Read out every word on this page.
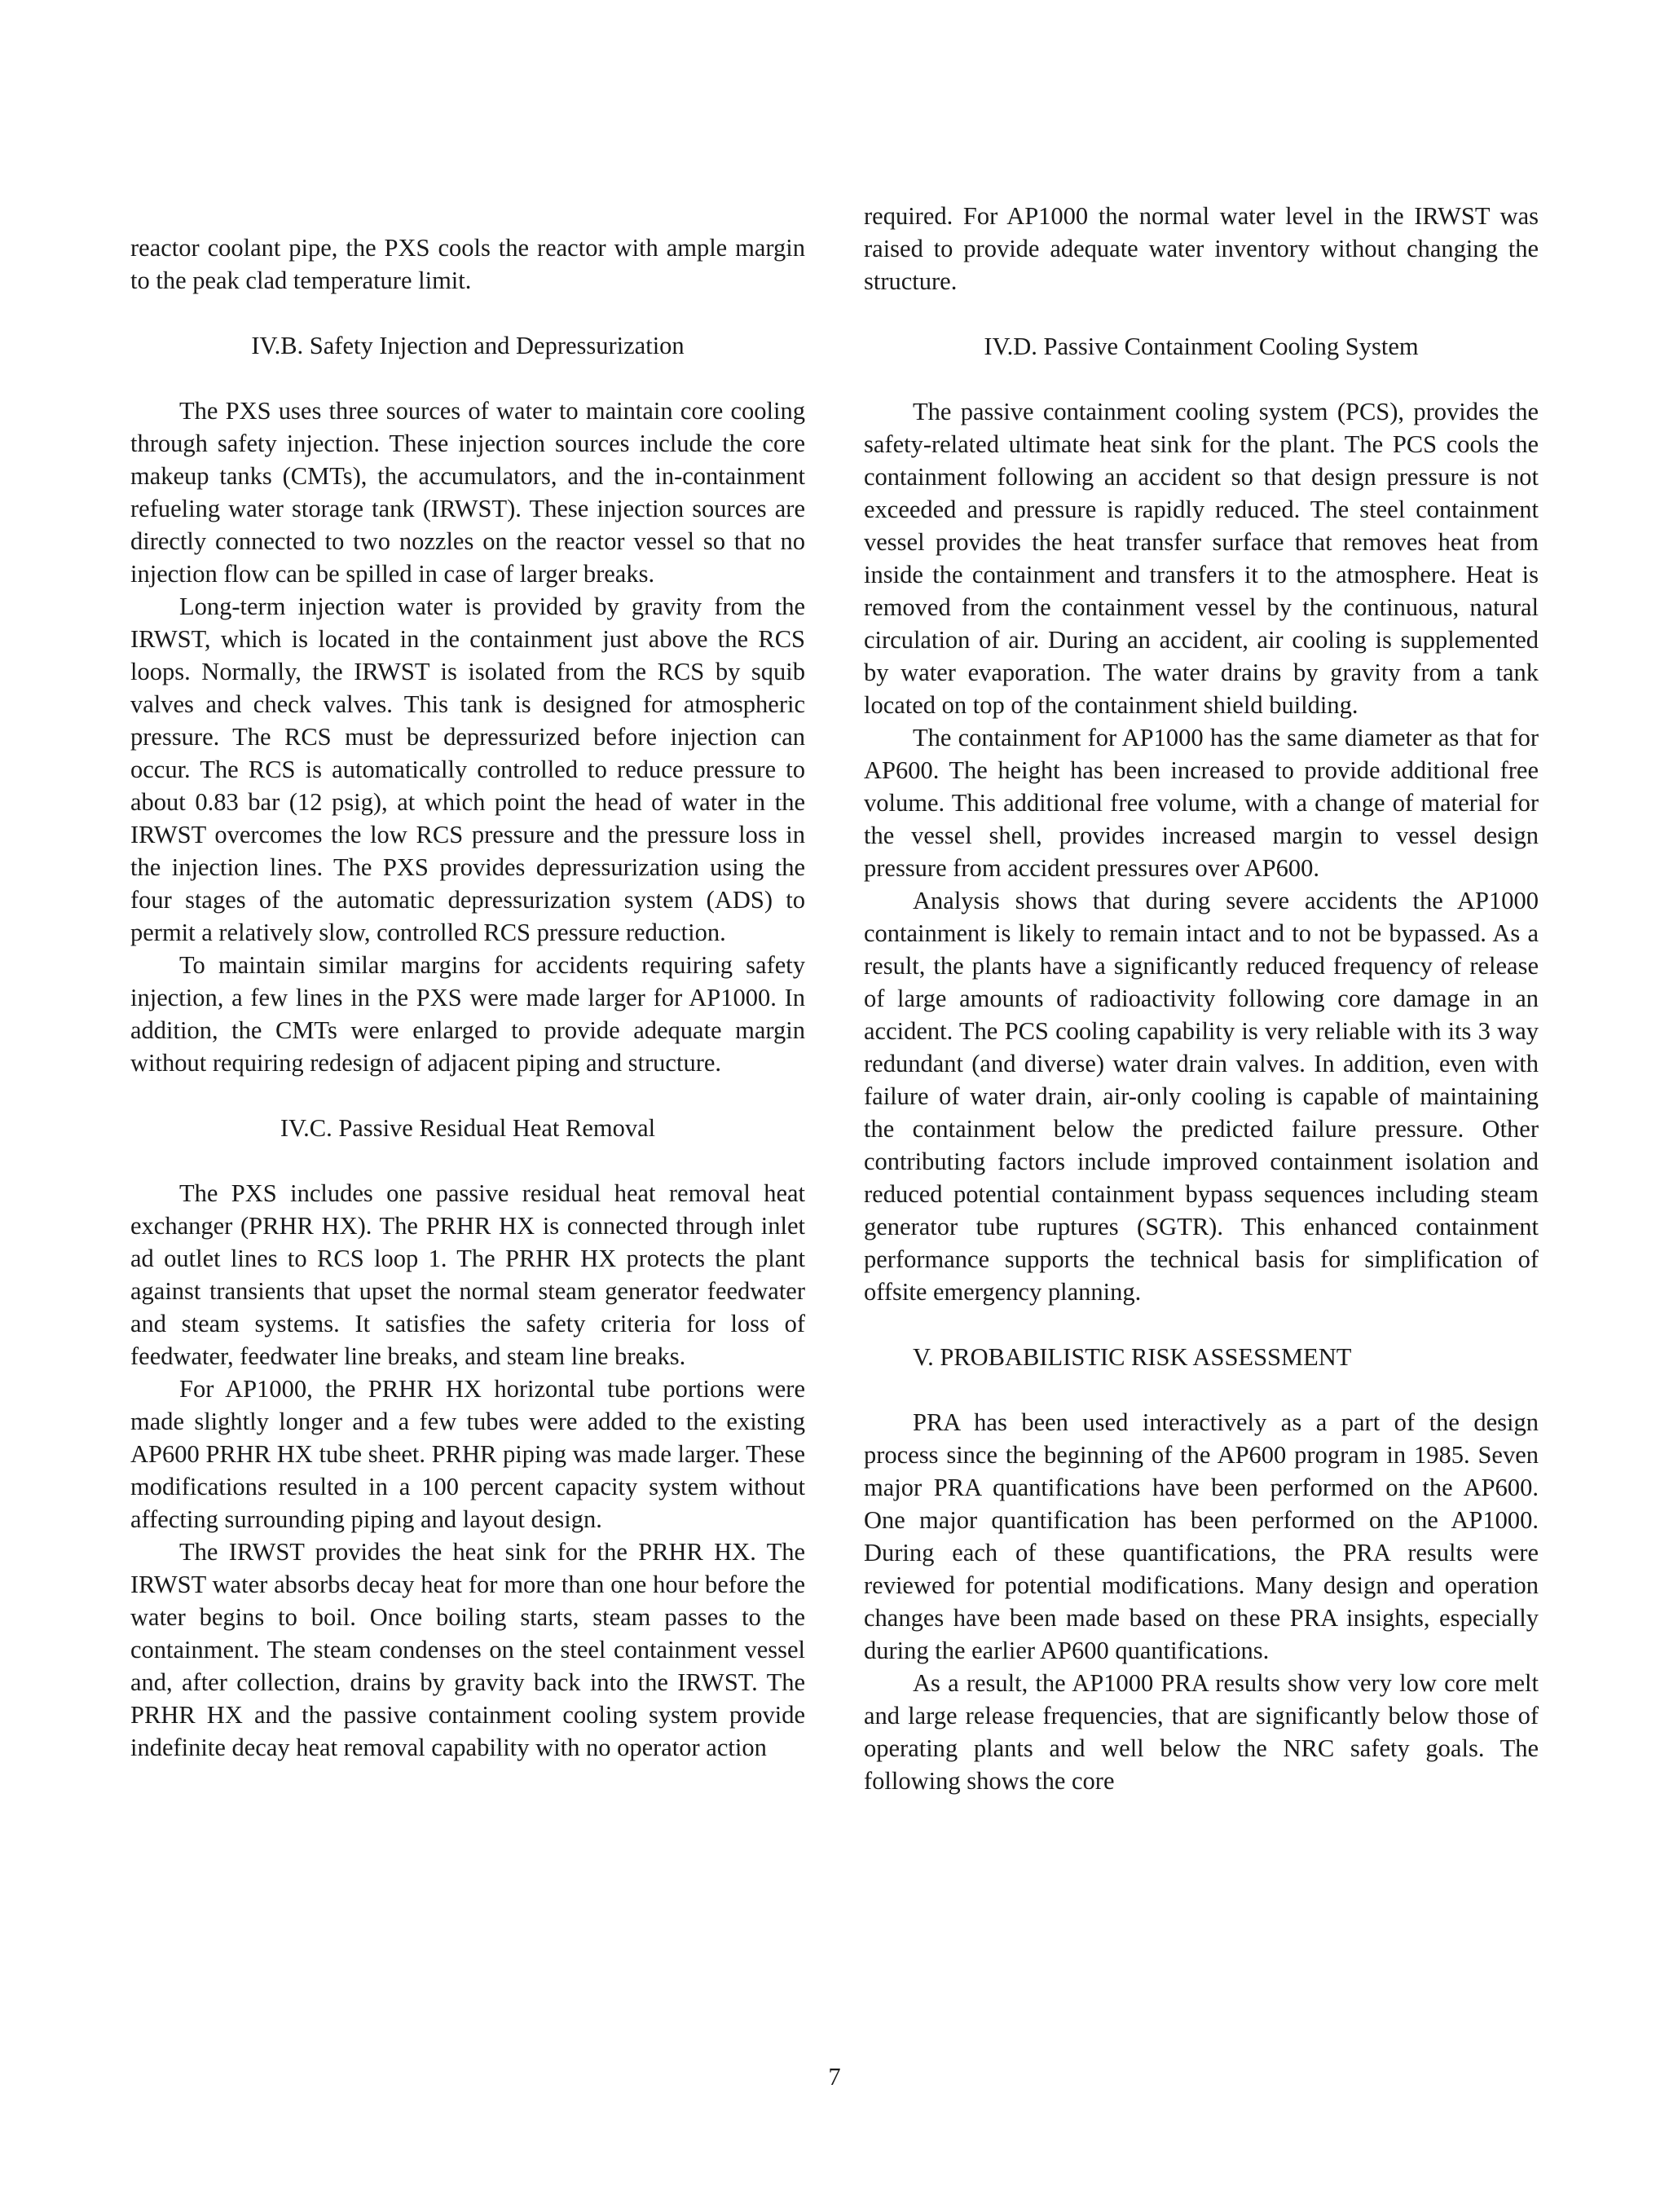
reactor coolant pipe, the PXS cools the reactor with ample margin to the peak clad temperature limit.

IV.B. Safety Injection and Depressurization

The PXS uses three sources of water to maintain core cooling through safety injection. These injection sources include the core makeup tanks (CMTs), the accumulators, and the in-containment refueling water storage tank (IRWST). These injection sources are directly connected to two nozzles on the reactor vessel so that no injection flow can be spilled in case of larger breaks.

Long-term injection water is provided by gravity from the IRWST, which is located in the containment just above the RCS loops. Normally, the IRWST is isolated from the RCS by squib valves and check valves. This tank is designed for atmospheric pressure. The RCS must be depressurized before injection can occur. The RCS is automatically controlled to reduce pressure to about 0.83 bar (12 psig), at which point the head of water in the IRWST overcomes the low RCS pressure and the pressure loss in the injection lines. The PXS provides depressurization using the four stages of the automatic depressurization system (ADS) to permit a relatively slow, controlled RCS pressure reduction.

To maintain similar margins for accidents requiring safety injection, a few lines in the PXS were made larger for AP1000. In addition, the CMTs were enlarged to provide adequate margin without requiring redesign of adjacent piping and structure.

IV.C. Passive Residual Heat Removal

The PXS includes one passive residual heat removal heat exchanger (PRHR HX). The PRHR HX is connected through inlet ad outlet lines to RCS loop 1. The PRHR HX protects the plant against transients that upset the normal steam generator feedwater and steam systems. It satisfies the safety criteria for loss of feedwater, feedwater line breaks, and steam line breaks.

For AP1000, the PRHR HX horizontal tube portions were made slightly longer and a few tubes were added to the existing AP600 PRHR HX tube sheet. PRHR piping was made larger. These modifications resulted in a 100 percent capacity system without affecting surrounding piping and layout design.

The IRWST provides the heat sink for the PRHR HX. The IRWST water absorbs decay heat for more than one hour before the water begins to boil. Once boiling starts, steam passes to the containment. The steam condenses on the steel containment vessel and, after collection, drains by gravity back into the IRWST. The PRHR HX and the passive containment cooling system provide indefinite decay heat removal capability with no operator action

required. For AP1000 the normal water level in the IRWST was raised to provide adequate water inventory without changing the structure.

IV.D. Passive Containment Cooling System

The passive containment cooling system (PCS), provides the safety-related ultimate heat sink for the plant. The PCS cools the containment following an accident so that design pressure is not exceeded and pressure is rapidly reduced. The steel containment vessel provides the heat transfer surface that removes heat from inside the containment and transfers it to the atmosphere. Heat is removed from the containment vessel by the continuous, natural circulation of air. During an accident, air cooling is supplemented by water evaporation. The water drains by gravity from a tank located on top of the containment shield building.

The containment for AP1000 has the same diameter as that for AP600. The height has been increased to provide additional free volume. This additional free volume, with a change of material for the vessel shell, provides increased margin to vessel design pressure from accident pressures over AP600.

Analysis shows that during severe accidents the AP1000 containment is likely to remain intact and to not be bypassed. As a result, the plants have a significantly reduced frequency of release of large amounts of radioactivity following core damage in an accident. The PCS cooling capability is very reliable with its 3 way redundant (and diverse) water drain valves. In addition, even with failure of water drain, air-only cooling is capable of maintaining the containment below the predicted failure pressure. Other contributing factors include improved containment isolation and reduced potential containment bypass sequences including steam generator tube ruptures (SGTR). This enhanced containment performance supports the technical basis for simplification of offsite emergency planning.

V. PROBABILISTIC RISK ASSESSMENT

PRA has been used interactively as a part of the design process since the beginning of the AP600 program in 1985. Seven major PRA quantifications have been performed on the AP600. One major quantification has been performed on the AP1000. During each of these quantifications, the PRA results were reviewed for potential modifications. Many design and operation changes have been made based on these PRA insights, especially during the earlier AP600 quantifications.

As a result, the AP1000 PRA results show very low core melt and large release frequencies, that are significantly below those of operating plants and well below the NRC safety goals. The following shows the core

7
